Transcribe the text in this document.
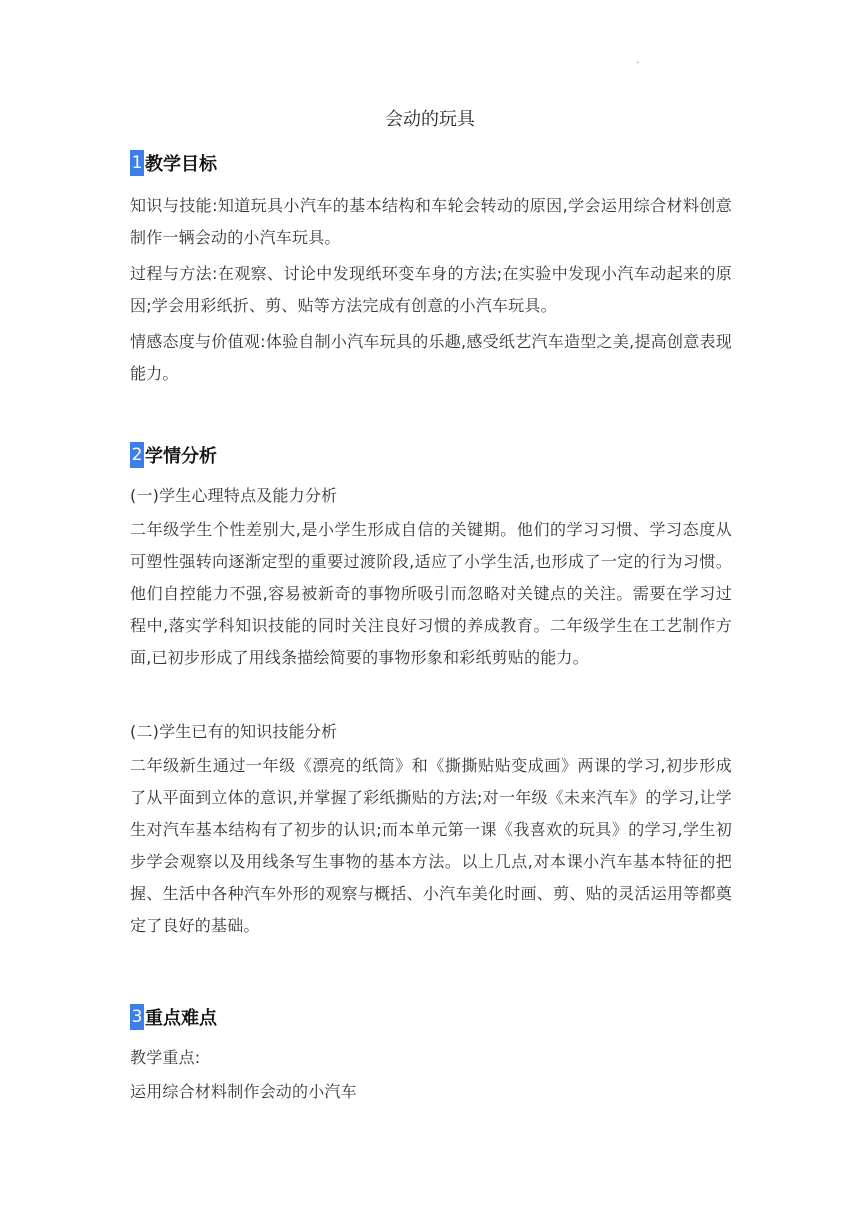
.
会动的玩具
1 教学目标
知识与技能:知道玩具小汽车的基本结构和车轮会转动的原因,学会运用综合材料创意制作一辆会动的小汽车玩具。
过程与方法:在观察、讨论中发现纸环变车身的方法;在实验中发现小汽车动起来的原因;学会用彩纸折、剪、贴等方法完成有创意的小汽车玩具。
情感态度与价值观:体验自制小汽车玩具的乐趣,感受纸艺汽车造型之美,提高创意表现能力。
2 学情分析
(一)学生心理特点及能力分析
二年级学生个性差别大,是小学生形成自信的关键期。他们的学习习惯、学习态度从可塑性强转向逐渐定型的重要过渡阶段,适应了小学生活,也形成了一定的行为习惯。他们自控能力不强,容易被新奇的事物所吸引而忽略对关键点的关注。需要在学习过程中,落实学科知识技能的同时关注良好习惯的养成教育。二年级学生在工艺制作方面,已初步形成了用线条描绘简要的事物形象和彩纸剪贴的能力。
(二)学生已有的知识技能分析
二年级新生通过一年级《漂亮的纸筒》和《撕撕贴贴变成画》两课的学习,初步形成了从平面到立体的意识,并掌握了彩纸撕贴的方法;对一年级《未来汽车》的学习,让学生对汽车基本结构有了初步的认识;而本单元第一课《我喜欢的玩具》的学习,学生初步学会观察以及用线条写生事物的基本方法。以上几点,对本课小汽车基本特征的把握、生活中各种汽车外形的观察与概括、小汽车美化时画、剪、贴的灵活运用等都奠定了良好的基础。
3 重点难点
教学重点:
运用综合材料制作会动的小汽车
